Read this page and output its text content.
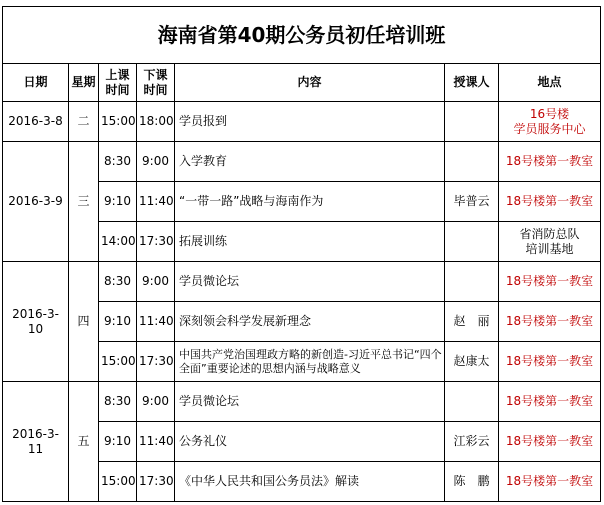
海南省第40期公务员初任培训班						
日期	星期	上课时间	下课时间	内容	授课人	地点
2016-3-8	二	15:00	18:00	学员报到		16号楼
学员服务中心
2016-3-9	三	8:30	9:00	入学教育		18号楼第一教室
		9:10	11:40	“一带一路”战略与海南作为	毕普云	18号楼第一教室
		14:00	17:30	拓展训练		省消防总队
培训基地
2016-3-10	四	8:30	9:00	学员微论坛		18号楼第一教室
		9:10	11:40	深刻领会科学发展新理念	赵　丽	18号楼第一教室
		15:00	17:30	中国共产党治国理政方略的新创造-习近平总书记“四个全面”重要论述的思想内涵与战略意义	赵康太	18号楼第一教室
2016-3-11	五	8:30	9:00	学员微论坛		18号楼第一教室
		9:10	11:40	公务礼仪	江彩云	18号楼第一教室
		15:00	17:30	《中华人民共和国公务员法》解读	陈　鹏	18号楼第一教室
